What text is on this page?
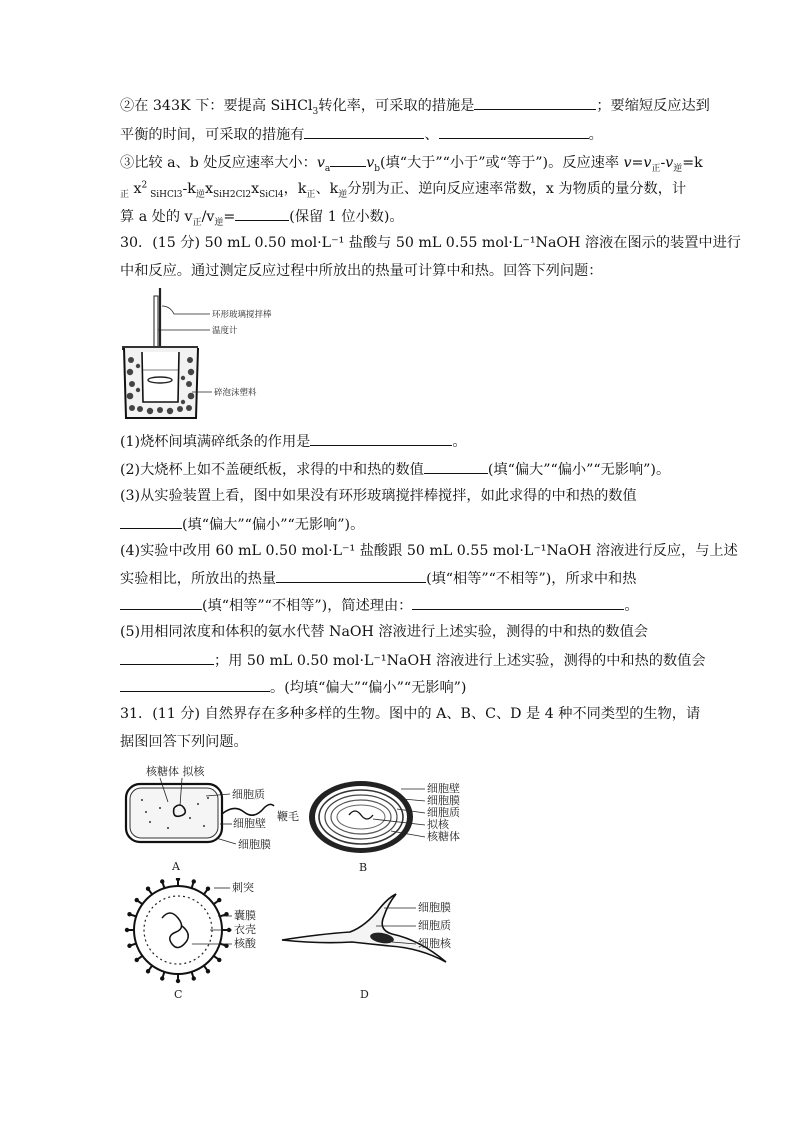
②在 343K 下：要提高 SiHCl$_3$转化率，可采取的措施是	；要缩短反应达到
平衡的时间，可采取的措施有	、	。
③比较 a、b 处反应速率大小：$v_a$	$v_b$(填“大于”“小于”或“等于”)。反应速率 $v=v_正-v_逆=k$
$_正$ $x^2$ $_{SiHCl3}-k_逆x_{SiH2Cl2}x_{SiCl4}$，$k_正$、$k_逆$分别为正、逆向反应速率常数，x 为物质的量分数，计
算 a 处的 $v_正/v_逆=$	(保留 1 位小数)。
30．(15 分) 50 mL 0.50 mol·L⁻¹ 盐酸与 50 mL 0.55 mol·L⁻¹NaOH 溶液在图示的装置中进行
中和反应。通过测定反应过程中所放出的热量可计算中和热。回答下列问题：
环形玻璃搅拌棒
温度计
碎泡沫塑料
(1)烧杯间填满碎纸条的作用是	。
(2)大烧杯上如不盖硬纸板，求得的中和热的数值	(填“偏大”“偏小”“无影响”)。
(3)从实验装置上看，图中如果没有环形玻璃搅拌棒搅拌，如此求得的中和热的数值
(填“偏大”“偏小”“无影响”)。
(4)实验中改用 60 mL 0.50 mol·L⁻¹ 盐酸跟 50 mL 0.55 mol·L⁻¹NaOH 溶液进行反应，与上述
实验相比，所放出的热量	(填“相等”“不相等”)，所求中和热
(填“相等”“不相等”)，简述理由：	。
(5)用相同浓度和体积的氨水代替 NaOH 溶液进行上述实验，测得的中和热的数值会
；用 50 mL 0.50 mol·L⁻¹NaOH 溶液进行上述实验，测得的中和热的数值会
。(均填“偏大”“偏小”“无影响”)
31．(11 分) 自然界存在多种多样的生物。图中的 A、B、C、D 是 4 种不同类型的生物，请
据图回答下列问题。
核糖体 拟核
细胞质
鞭毛
细胞壁
细胞膜
A
细胞壁
细胞膜
细胞质
拟核
核糖体
B
刺突
囊膜
衣壳
核酸
C
细胞膜
细胞质
细胞核
D
